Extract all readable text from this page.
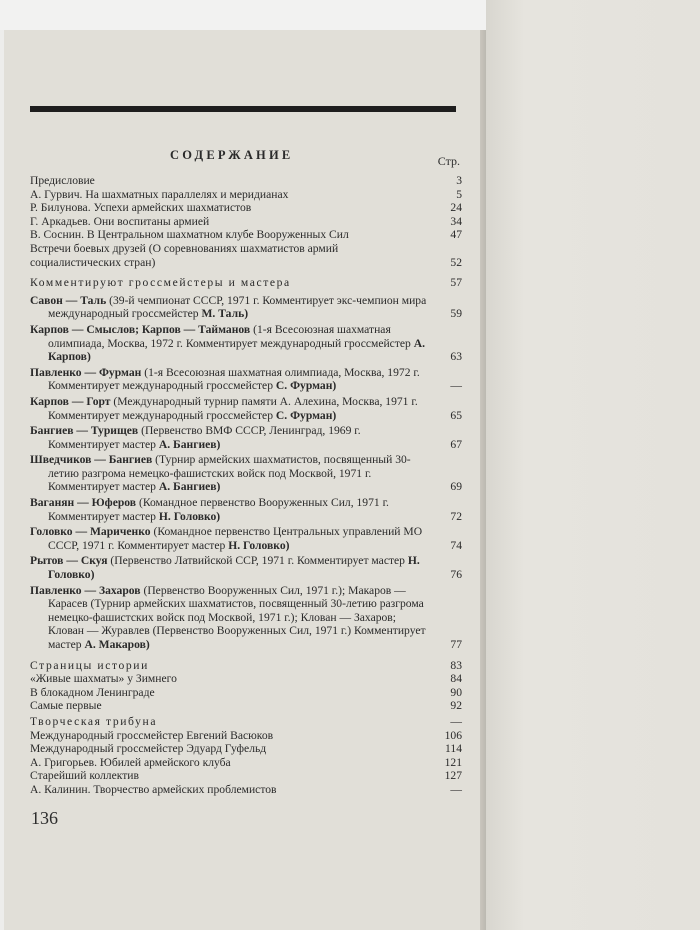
СОДЕРЖАНИЕ	Стр.
Предисловие	3
А. Гурвич. На шахматных параллелях и меридианах	5
Р. Билунова. Успехи армейских шахматистов	24
Г. Аркадьев. Они воспитаны армией	34
В. Соснин. В Центральном шахматном клубе Вооруженных Сил	47
Встречи боевых друзей (О соревнованиях шахматистов армий социалистических стран)	52
Комментируют гроссмейстеры и мастера	57
Савон — Таль (39-й чемпионат СССР, 1971 г. Комментирует экс-чемпион мира международный гроссмейстер М. Таль)	59
Карпов — Смыслов; Карпов — Тайманов (1-я Всесоюзная шахматная олимпиада, Москва, 1972 г. Комментирует международный гроссмейстер А. Карпов)	63
Павленко — Фурман (1-я Всесоюзная шахматная олимпиада, Москва, 1972 г. Комментирует международный гроссмейстер С. Фурман)	—
Карпов — Горт (Международный турнир памяти А. Алехина, Москва, 1971 г. Комментирует международный гроссмейстер С. Фурман)	65
Бангиев — Турищев (Первенство ВМФ СССР, Ленинград, 1969 г. Комментирует мастер А. Бангиев)	67
Шведчиков — Бангиев (Турнир армейских шахматистов, посвященный 30-летию разгрома немецко-фашистских войск под Москвой, 1971 г. Комментирует мастер А. Бангиев)	69
Ваганян — Юферов (Командное первенство Вооруженных Сил, 1971 г. Комментирует мастер Н. Головко)	72
Головко — Мариченко (Командное первенство Центральных управлений МО СССР, 1971 г. Комментирует мастер Н. Головко)	74
Рытов — Скуя (Первенство Латвийской ССР, 1971 г. Комментирует мастер Н. Головко)	76
Павленко — Захаров (Первенство Вооруженных Сил, 1971 г.); Макаров — Карасев (Турнир армейских шахматистов, посвященный 30-летию разгрома немецко-фашистских войск под Москвой, 1971 г.); Клован — Захаров; Клован — Журавлев (Первенство Вооруженных Сил, 1971 г.) Комментирует мастер А. Макаров)	77
Страницы истории	83
«Живые шахматы» у Зимнего	84
В блокадном Ленинграде	90
Самые первые	92
Творческая трибуна	—
Международный гроссмейстер Евгений Васюков	106
Международный гроссмейстер Эдуард Гуфельд	114
А. Григорьев. Юбилей армейского клуба	121
Старейший коллектив	127
А. Калинин. Творчество армейских проблемистов	—
136
